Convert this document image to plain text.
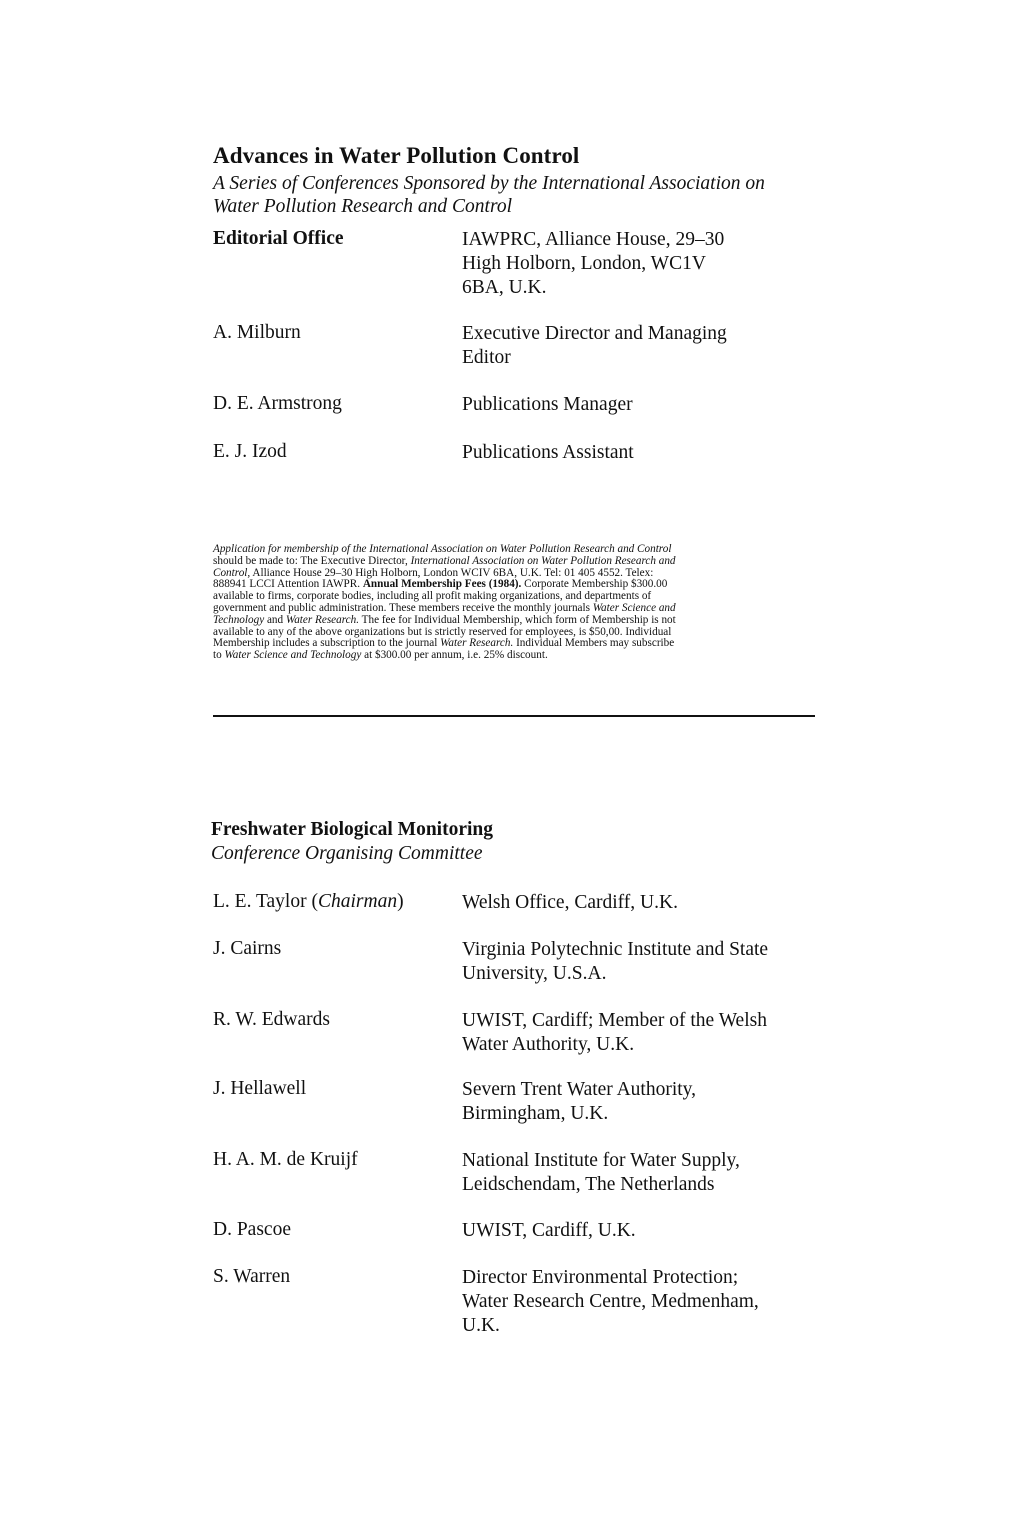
Advances in Water Pollution Control
A Series of Conferences Sponsored by the International Association on
Water Pollution Research and Control
Editorial Office	IAWPRC, Alliance House, 29–30
High Holborn, London, WC1V
6BA, U.K.
A. Milburn	Executive Director and Managing
Editor
D. E. Armstrong	Publications Manager
E. J. Izod	Publications Assistant
Application for membership of the International Association on Water Pollution Research and Control
should be made to: The Executive Director, International Association on Water Pollution Research and
Control, Alliance House 29–30 High Holborn, London WCIV 6BA, U.K. Tel: 01 405 4552. Telex:
888941 LCCI Attention IAWPR. Annual Membership Fees (1984). Corporate Membership $300.00
available to firms, corporate bodies, including all profit making organizations, and departments of
government and public administration. These members receive the monthly journals Water Science and
Technology and Water Research. The fee for Individual Membership, which form of Membership is not
available to any of the above organizations but is strictly reserved for employees, is $50,00. Individual
Membership includes a subscription to the journal Water Research. Individual Members may subscribe
to Water Science and Technology at $300.00 per annum, i.e. 25% discount.
Freshwater Biological Monitoring
Conference Organising Committee
L. E. Taylor (Chairman)	Welsh Office, Cardiff, U.K.
J. Cairns	Virginia Polytechnic Institute and State
University, U.S.A.
R. W. Edwards	UWIST, Cardiff; Member of the Welsh
Water Authority, U.K.
J. Hellawell	Severn Trent Water Authority,
Birmingham, U.K.
H. A. M. de Kruijf	National Institute for Water Supply,
Leidschendam, The Netherlands
D. Pascoe	UWIST, Cardiff, U.K.
S. Warren	Director Environmental Protection;
Water Research Centre, Medmenham,
U.K.
